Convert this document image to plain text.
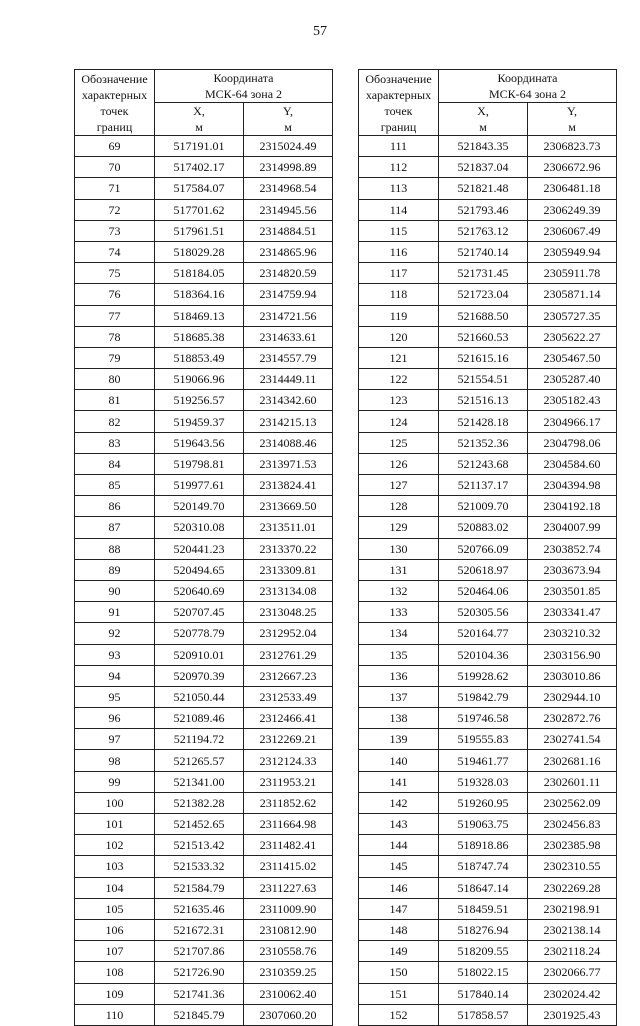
57
Обозначение
характерных
точек
границ	Координата
МСК-64 зона 2	

	X,
м	Y,
м

69	517191.01	2315024.49
70	517402.17	2314998.89
71	517584.07	2314968.54
72	517701.62	2314945.56
73	517961.51	2314884.51
74	518029.28	2314865.96
75	518184.05	2314820.59
76	518364.16	2314759.94
77	518469.13	2314721.56
78	518685.38	2314633.61
79	518853.49	2314557.79
80	519066.96	2314449.11
81	519256.57	2314342.60
82	519459.37	2314215.13
83	519643.56	2314088.46
84	519798.81	2313971.53
85	519977.61	2313824.41
86	520149.70	2313669.50
87	520310.08	2313511.01
88	520441.23	2313370.22
89	520494.65	2313309.81
90	520640.69	2313134.08
91	520707.45	2313048.25
92	520778.79	2312952.04
93	520910.01	2312761.29
94	520970.39	2312667.23
95	521050.44	2312533.49
96	521089.46	2312466.41
97	521194.72	2312269.21
98	521265.57	2312124.33
99	521341.00	2311953.21
100	521382.28	2311852.62
101	521452.65	2311664.98
102	521513.42	2311482.41
103	521533.32	2311415.02
104	521584.79	2311227.63
105	521635.46	2311009.90
106	521672.31	2310812.90
107	521707.86	2310558.76
108	521726.90	2310359.25
109	521741.36	2310062.40
110	521845.79	2307060.20
Обозначение
характерных
точек
границ	Координата
МСК-64 зона 2	

	X,
м	Y,
м

111	521843.35	2306823.73
112	521837.04	2306672.96
113	521821.48	2306481.18
114	521793.46	2306249.39
115	521763.12	2306067.49
116	521740.14	2305949.94
117	521731.45	2305911.78
118	521723.04	2305871.14
119	521688.50	2305727.35
120	521660.53	2305622.27
121	521615.16	2305467.50
122	521554.51	2305287.40
123	521516.13	2305182.43
124	521428.18	2304966.17
125	521352.36	2304798.06
126	521243.68	2304584.60
127	521137.17	2304394.98
128	521009.70	2304192.18
129	520883.02	2304007.99
130	520766.09	2303852.74
131	520618.97	2303673.94
132	520464.06	2303501.85
133	520305.56	2303341.47
134	520164.77	2303210.32
135	520104.36	2303156.90
136	519928.62	2303010.86
137	519842.79	2302944.10
138	519746.58	2302872.76
139	519555.83	2302741.54
140	519461.77	2302681.16
141	519328.03	2302601.11
142	519260.95	2302562.09
143	519063.75	2302456.83
144	518918.86	2302385.98
145	518747.74	2302310.55
146	518647.14	2302269.28
147	518459.51	2302198.91
148	518276.94	2302138.14
149	518209.55	2302118.24
150	518022.15	2302066.77
151	517840.14	2302024.42
152	517858.57	2301925.43
